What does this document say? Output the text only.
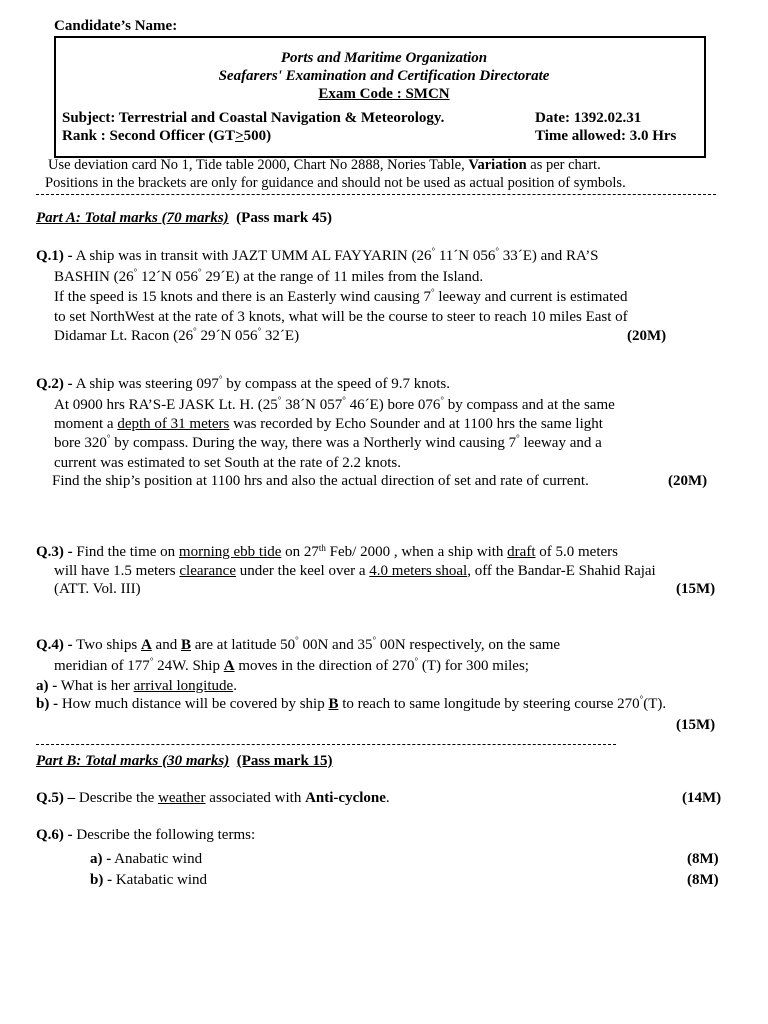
Candidate’s Name:
Ports and Maritime Organization
Seafarers' Examination and Certification Directorate
Exam Code : SMCN
Subject: Terrestrial and Coastal Navigation & Meteorology.	Date: 1392.02.31
Rank : Second Officer (GT>500)	Time allowed: 3.0 Hrs
Use deviation card No 1, Tide table 2000, Chart No 2888, Nories Table, Variation as per chart.
Positions in the brackets are only for guidance and should not be used as actual position of symbols.
Part A: Total marks (70 marks) (Pass mark 45)
Q.1) - A ship was in transit with JAZT UMM AL FAYYARIN (26° 11´N 056° 33´E) and RA’S
BASHIN (26° 12´N 056° 29´E) at the range of 11 miles from the Island.
If the speed is 15 knots and there is an Easterly wind causing 7° leeway and current is estimated
to set NorthWest at the rate of 3 knots, what will be the course to steer to reach 10 miles East of
Didamar Lt. Racon (26° 29´N 056° 32´E)	(20M)
Q.2) - A ship was steering 097° by compass at the speed of 9.7 knots.
At 0900 hrs RA’S-E JASK Lt. H. (25° 38´N 057° 46´E) bore 076° by compass and at the same
moment a depth of 31 meters was recorded by Echo Sounder and at 1100 hrs the same light
bore 320° by compass. During the way, there was a Northerly wind causing 7° leeway and a
current was estimated to set South at the rate of 2.2 knots.
Find the ship’s position at 1100 hrs and also the actual direction of set and rate of current.	(20M)
Q.3) - Find the time on morning ebb tide on 27th Feb/ 2000 , when a ship with draft of 5.0 meters
will have 1.5 meters clearance under the keel over a 4.0 meters shoal, off the Bandar-E Shahid Rajai
(ATT. Vol. III)	(15M)
Q.4) - Two ships A and B are at latitude 50° 00N and 35° 00N respectively, on the same
meridian of 177° 24W. Ship A moves in the direction of 270° (T) for 300 miles;
a) - What is her arrival longitude.
b) - How much distance will be covered by ship B to reach to same longitude by steering course 270°(T).
(15M)
Part B: Total marks (30 marks) (Pass mark 15)
Q.5) – Describe the weather associated with Anti-cyclone.	(14M)
Q.6) - Describe the following terms:
a) - Anabatic wind	(8M)
b) - Katabatic wind	(8M)
